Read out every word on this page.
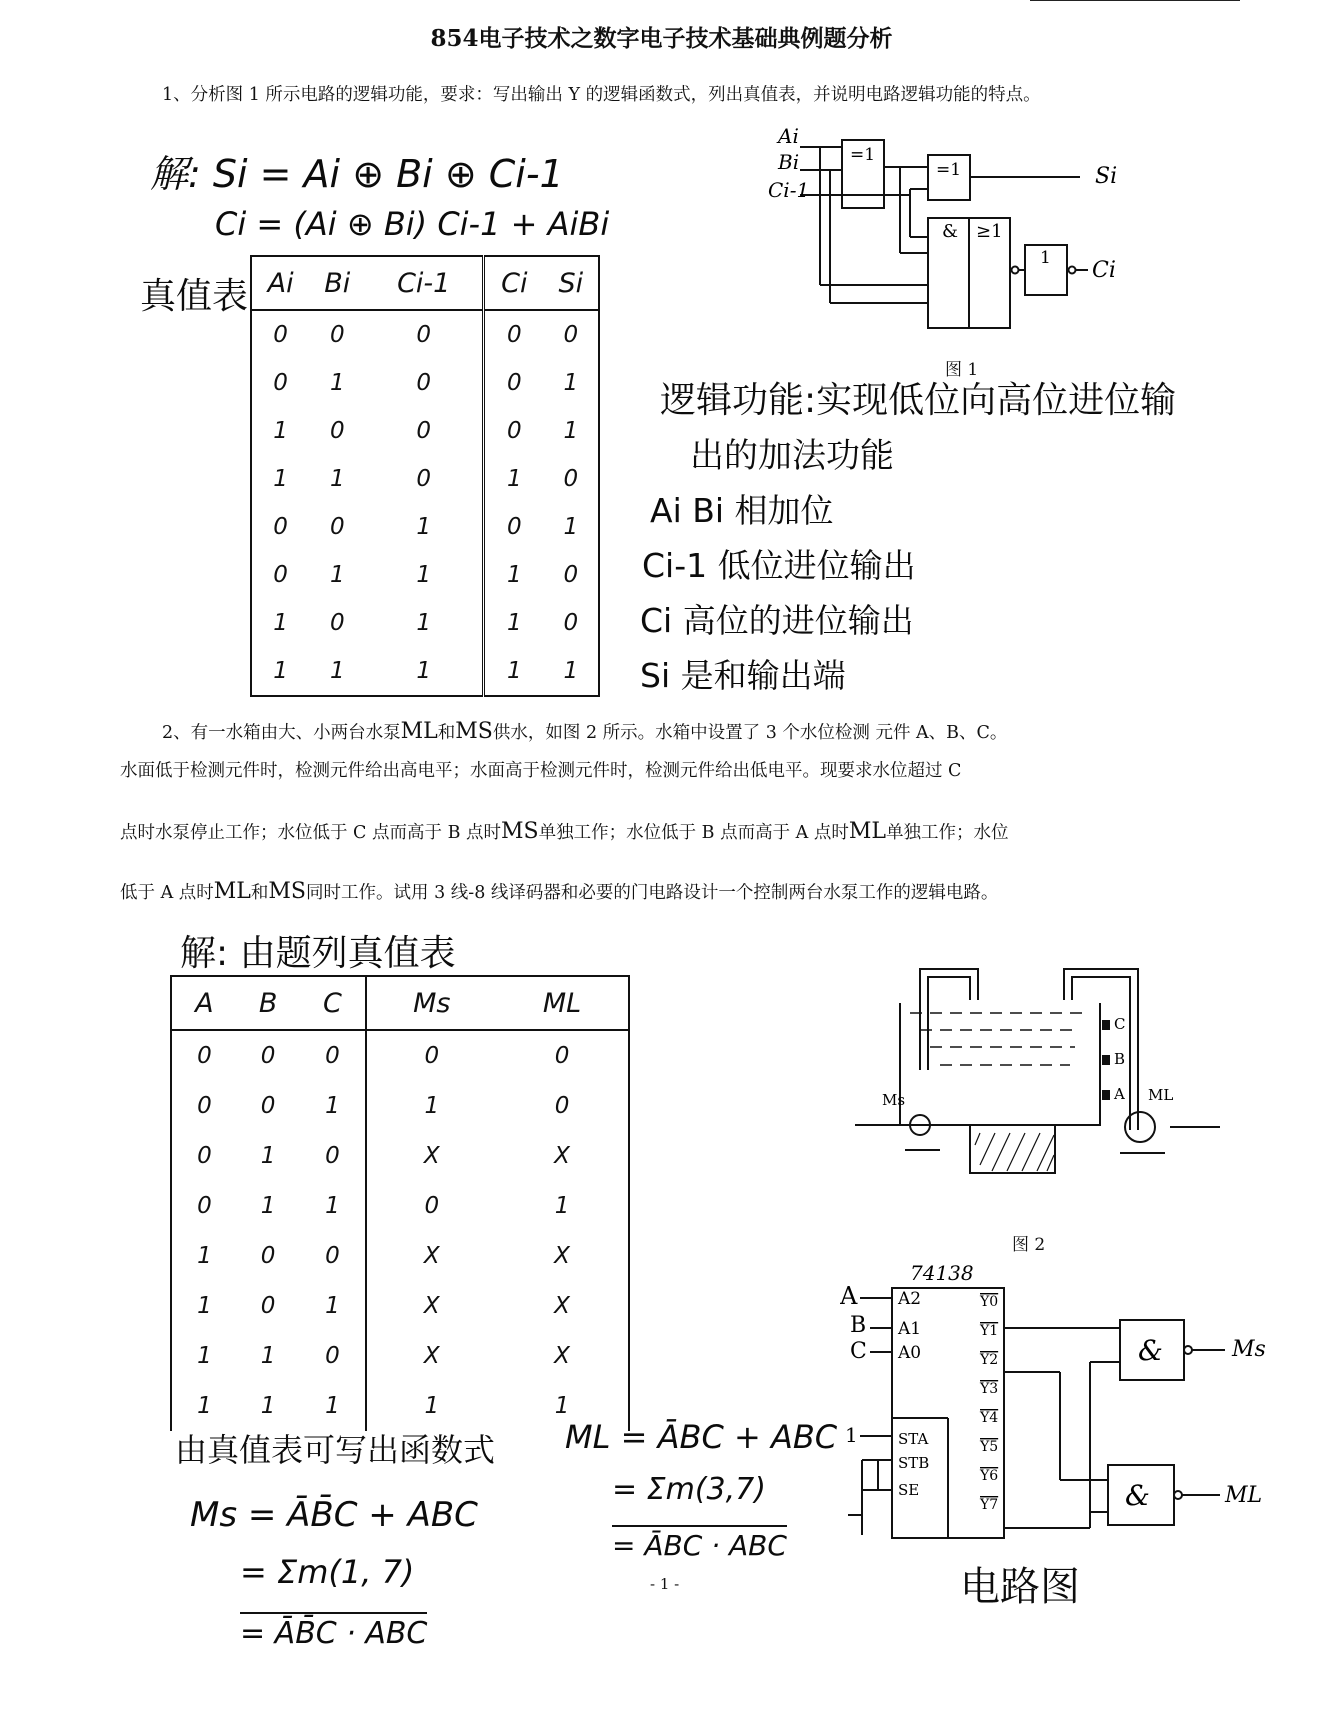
854电子技术之数字电子技术基础典例题分析
1、分析图 1 所示电路的逻辑功能，要求：写出输出 Y 的逻辑函数式，列出真值表，并说明电路逻辑功能的特点。
解: Si = Ai ⊕ Bi ⊕ Ci-1
Ci = (Ai ⊕ Bi) Ci-1 + AiBi
真值表 Ai	Bi	Ci-1	Ci	Si
0	0	0	0	0
0	1	0	0	1
1	0	0	0	1
1	1	0	1	0
0	0	1	0	1
0	1	1	1	0
1	0	1	1	0
1	1	1	1	1
逻辑功能:实现低位向高位进位输
出的加法功能
Ai Bi 相加位
Ci-1 低位进位输出
Ci 高位的进位输出
Si 是和输出端
Ai
Bi
Ci-1
=1
=1
& ≥1
1
Si
Ci
图 1
2、有一水箱由大、小两台水泵ML和MS供水，如图 2 所示。水箱中设置了 3 个水位检测 元件 A、B、C。
水面低于检测元件时，检测元件给出高电平；水面高于检测元件时，检测元件给出低电平。现要求水位超过 C
点时水泵停止工作；水位低于 C 点而高于 B 点时MS单独工作；水位低于 B 点而高于 A 点时ML单独工作；水位
低于 A 点时ML和MS同时工作。试用 3 线-8 线译码器和必要的门电路设计一个控制两台水泵工作的逻辑电路。
解: 由题列真值表
A	B	C	Ms	ML
0	0	0	0	0
0	0	1	1	0
0	1	0	X	X
0	1	1	0	1
1	0	0	X	X
1	0	1	X	X
1	1	0	X	X
1	1	1	1	1
由真值表可写出函数式
Ms = ĀB̄C + ABC
= Σm(1, 7)
= ĀB̄C · ABC
ML = ĀBC + ABC
= Σm(3,7)
= ĀBC · ABC
C
B
A
Ms	ML
图 2
74138
A
B
C
A2
A1
A0
STA
STB
SE
1
Y0
Y1
Y2
Y3
Y4
Y5
Y6
Y7
&
&
Ms
ML
电路图
- 1 -
